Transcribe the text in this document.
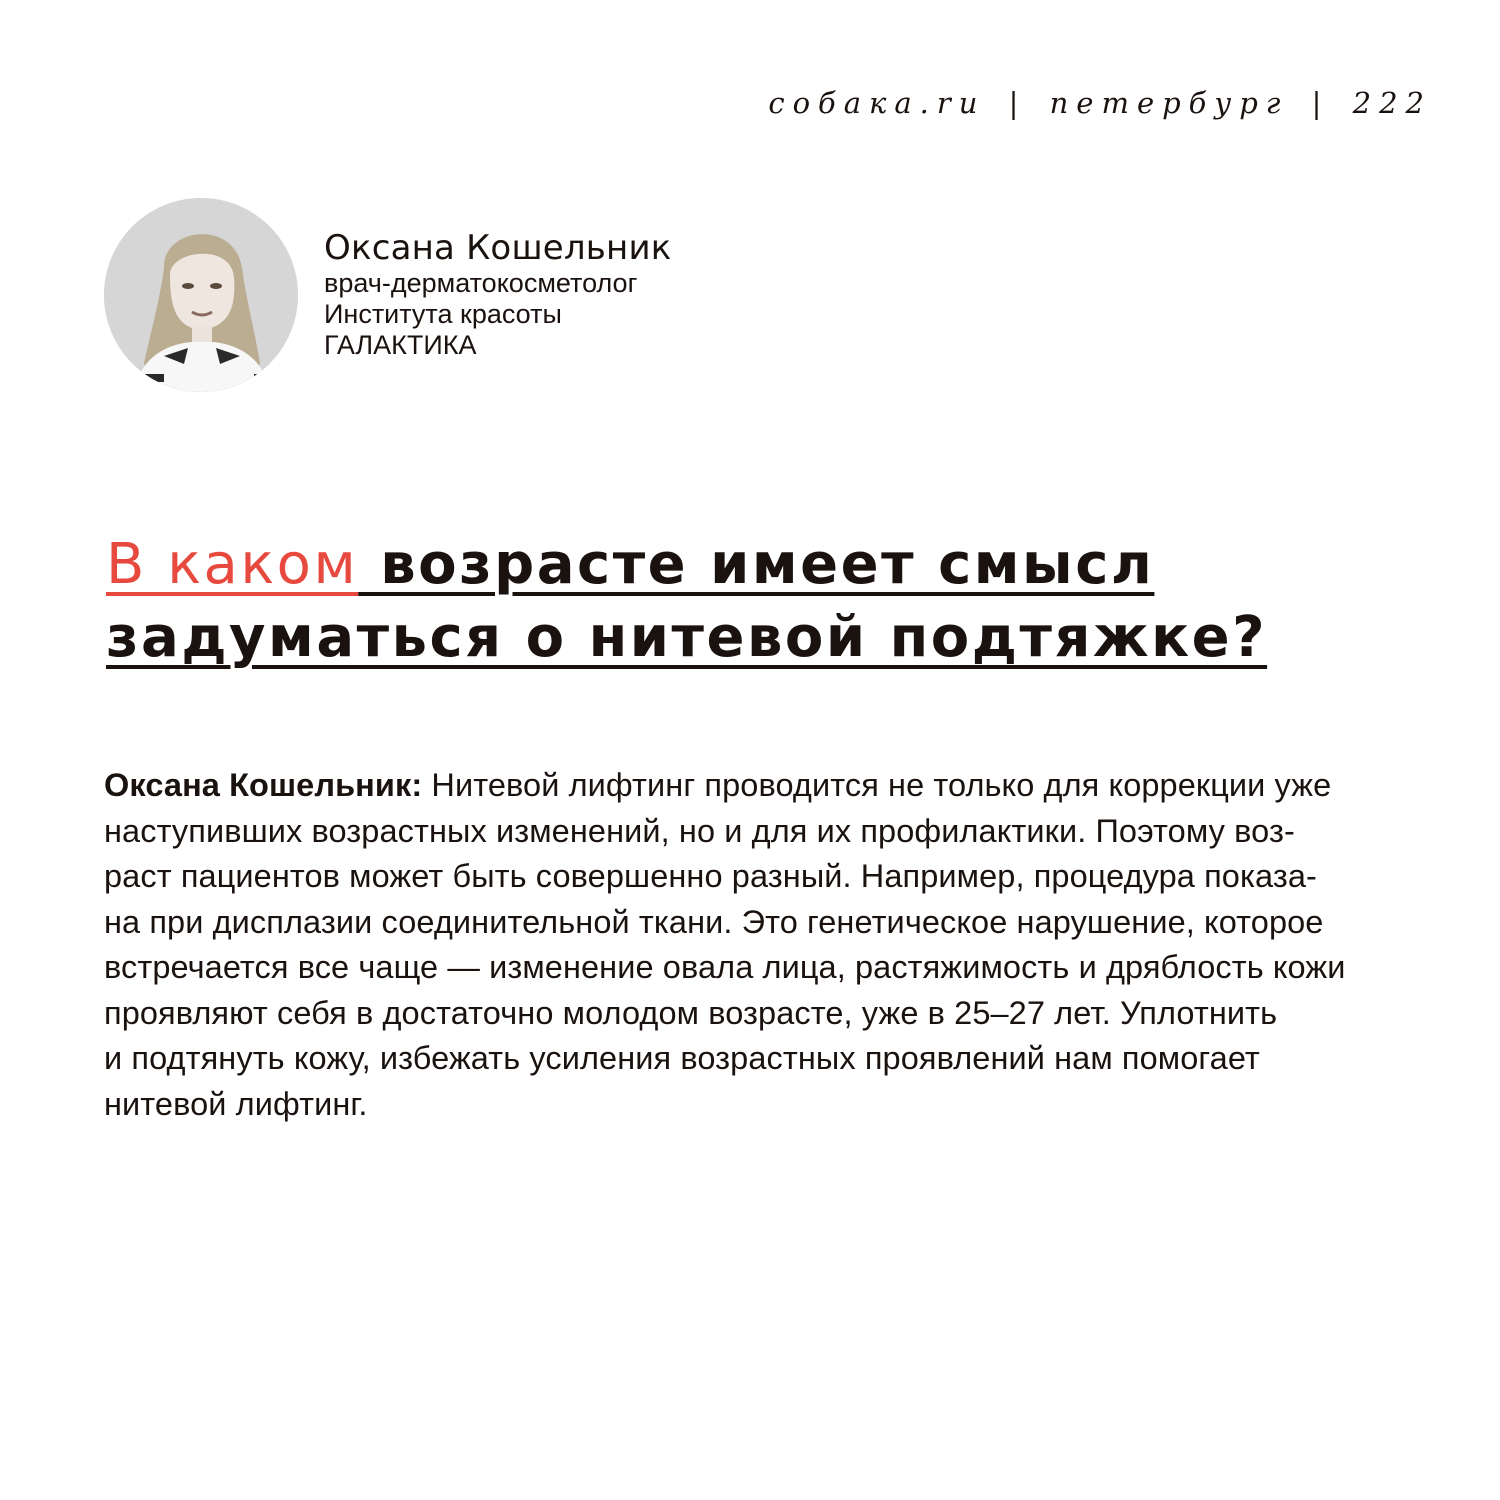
собака.ru | петербург | 222
Оксана Кошельник
врач-дерматокосметолог
Института красоты
ГАЛАКТИКА
В каком возрасте имеет смысл
задуматься о нитевой подтяжке?
Оксана Кошельник: Нитевой лифтинг проводится не только для коррекции уже
наступивших возрастных изменений, но и для их профилактики. Поэтому воз-
раст пациентов может быть совершенно разный. Например, процедура показа-
на при дисплазии соединительной ткани. Это генетическое нарушение, которое
встречается все чаще — изменение овала лица, растяжимость и дряблость кожи
проявляют себя в достаточно молодом возрасте, уже в 25–27 лет. Уплотнить
и подтянуть кожу, избежать усиления возрастных проявлений нам помогает
нитевой лифтинг.
